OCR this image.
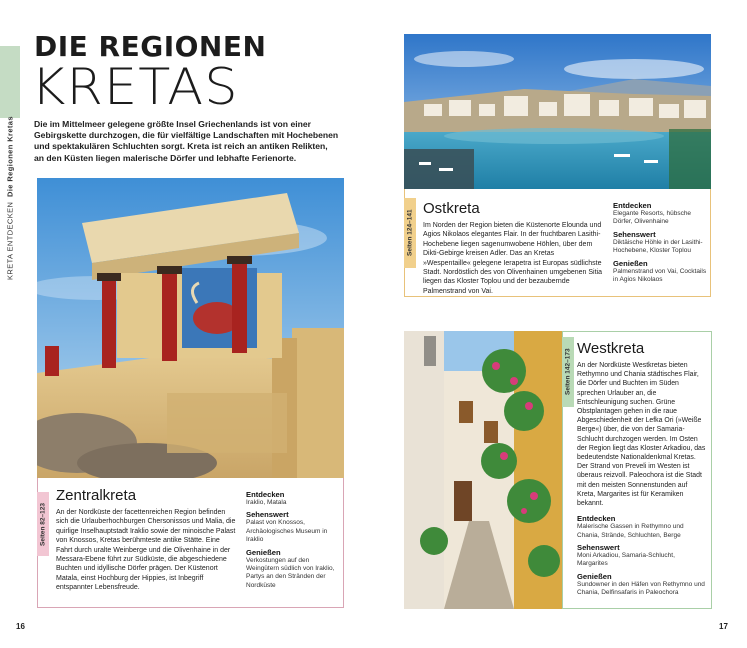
KRETA ENTDECKEN
Die Regionen Kretas
DIE REGIONEN
KRETAS
Die im Mittelmeer gelegene größte Insel Griechenlands ist von einer Gebirgskette durchzogen, die für vielfältige Landschaften mit Hochebenen und spektakulären Schluchten sorgt. Kreta ist reich an antiken Relikten, an den Küsten liegen malerische Dörfer und lebhafte Ferienorte.
Seiten 82–123
Zentralkreta
An der Nordküste der facettenreichen Region befinden sich die Urlauberhochburgen Chersonissos und Malia, die quirlige Inselhauptstadt Iraklio sowie der minoische Palast von Knossos, Kretas berühmteste antike Stätte. Eine Fahrt durch uralte Weinberge und die Olivenhaine in der Messara-Ebene führt zur Südküste, die abgeschiedene Buchten und idyllische Dörfer prägen. Der Küstenort Matala, einst Hochburg der Hippies, ist Inbegriff entspannter Lebensfreude.
Entdecken
Iraklio, Matala
Sehenswert
Palast von Knossos, Archäologisches Museum in Iraklio
Genießen
Verkostungen auf den Weingütern südlich von Iraklio, Partys an den Stränden der Nordküste
16
Seiten 124–141
Ostkreta
Im Norden der Region bieten die Küstenorte Elounda und Agios Nikolaos elegantes Flair. In der fruchtbaren Lasithi-Hochebene liegen sagenumwobene Höhlen, über dem Dikti-Gebirge kreisen Adler. Das an Kretas »Wespentaille« gelegene Ierapetra ist Europas südlichste Stadt. Nordöstlich des von Olivenhainen umgebenen Sitia liegen das Kloster Toplou und der bezaubernde Palmenstrand von Vai.
Entdecken
Elegante Resorts, hübsche Dörfer, Olivenhaine
Sehenswert
Diktäische Höhle in der Lasithi-Hochebene, Kloster Toplou
Genießen
Palmenstrand von Vai, Cocktails in Agios Nikolaos
Seiten 142–173
Westkreta
An der Nordküste Westkretas bieten Rethymno und Chania städtisches Flair, die Dörfer und Buchten im Süden sprechen Urlauber an, die Entschleunigung suchen. Grüne Obstplantagen gehen in die raue Abgeschiedenheit der Lefka Ori (»Weiße Berge«) über, die von der Samaria-Schlucht durchzogen werden. Im Osten der Region liegt das Kloster Arkadiou, das bedeutendste Nationaldenkmal Kretas. Der Strand von Preveli im Westen ist überaus reizvoll. Paleochora ist die Stadt mit den meisten Sonnenstunden auf Kreta, Margarites ist für Keramiken bekannt.
Entdecken
Malerische Gassen in Rethymno und Chania, Strände, Schluchten, Berge
Sehenswert
Moni Arkadiou, Samaria-Schlucht, Margarites
Genießen
Sundowner in den Häfen von Rethymno und Chania, Delfinsafaris in Paleochora
17
